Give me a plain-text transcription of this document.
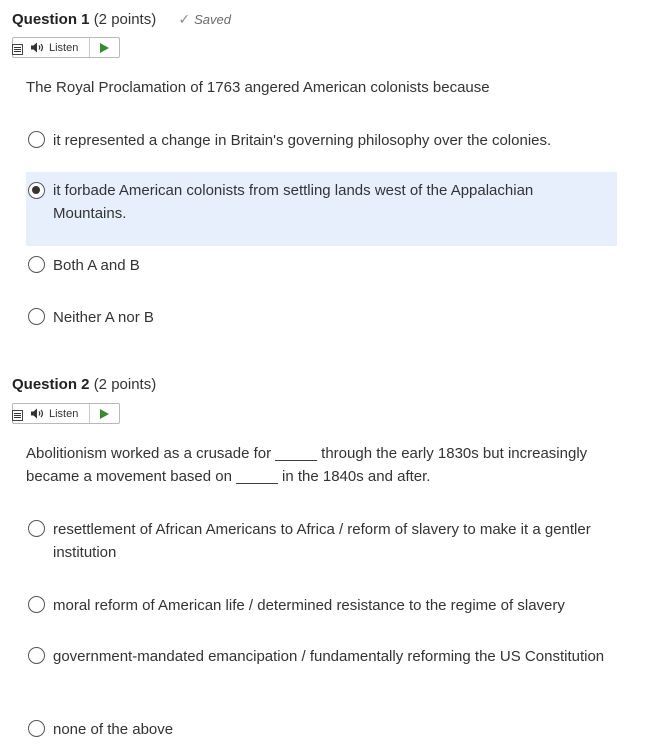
Question 1 (2 points) ✓ Saved
Listen
The Royal Proclamation of 1763 angered American colonists because
it represented a change in Britain's governing philosophy over the colonies.
it forbade American colonists from settling lands west of the Appalachian Mountains.
Both A and B
Neither A nor B
Question 2 (2 points)
Listen
Abolitionism worked as a crusade for _____ through the early 1830s but increasingly became a movement based on _____ in the 1840s and after.
resettlement of African Americans to Africa / reform of slavery to make it a gentler institution
moral reform of American life / determined resistance to the regime of slavery
government-mandated emancipation / fundamentally reforming the US Constitution
none of the above
